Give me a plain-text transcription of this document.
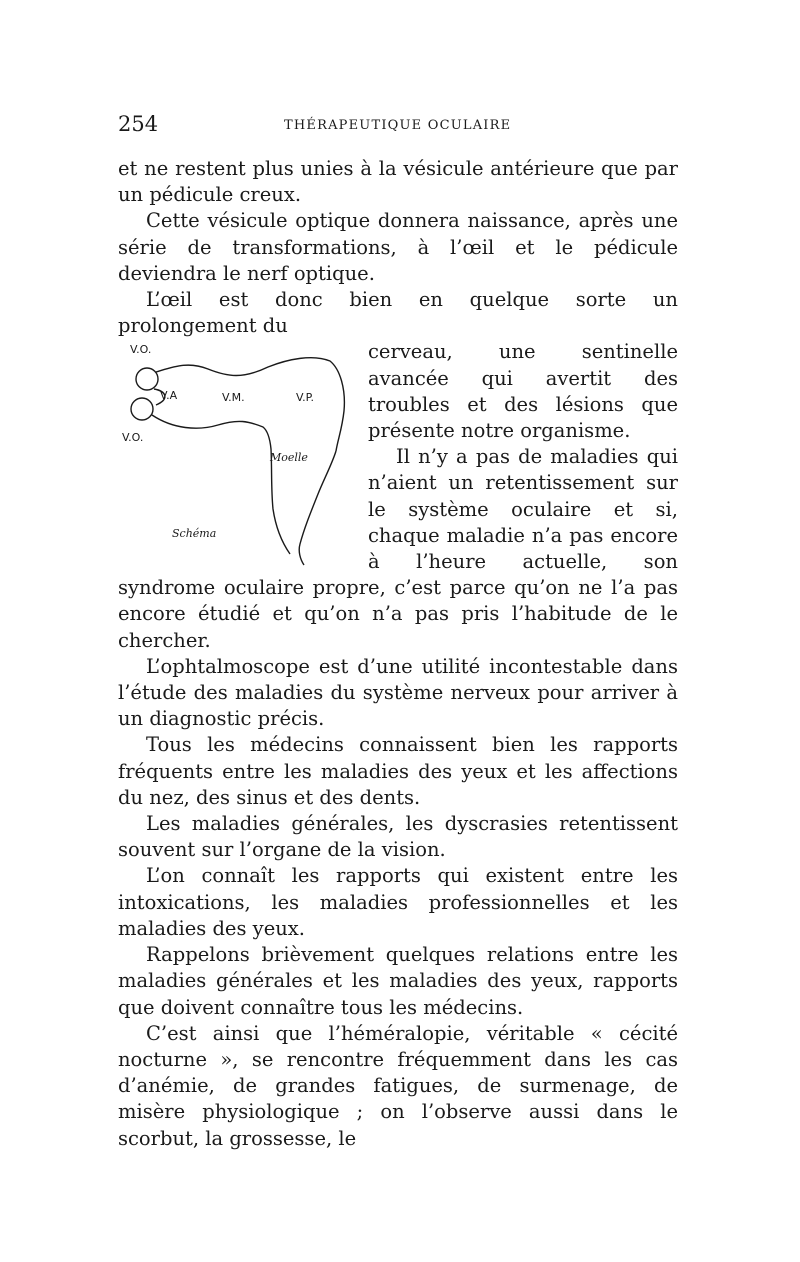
254	THÉRAPEUTIQUE OCULAIRE

et ne restent plus unies à la vésicule antérieure que par un pédicule creux.

Cette vésicule optique donnera naissance, après une série de transformations, à l’œil et le pédicule deviendra le nerf optique.

L’œil est donc bien en quelque sorte un prolongement du

V.O.
V.O.
V.A	V.M.	V.P.
Moelle
Schéma

cerveau, une sentinelle avancée qui avertit des troubles et des lésions que présente notre organisme.

Il n’y a pas de maladies qui n’aient un retentissement sur le système oculaire et si, chaque maladie n’a pas encore à l’heure actuelle, son syndrome oculaire propre, c’est parce qu’on ne l’a pas encore étudié et qu’on n’a pas pris l’habitude de le chercher.

L’ophtalmoscope est d’une utilité incontestable dans l’étude des maladies du système nerveux pour arriver à un diagnostic précis.

Tous les médecins connaissent bien les rapports fréquents entre les maladies des yeux et les affections du nez, des sinus et des dents.

Les maladies générales, les dyscrasies retentissent souvent sur l’organe de la vision.

L’on connaît les rapports qui existent entre les intoxications, les maladies professionnelles et les maladies des yeux.

Rappelons brièvement quelques relations entre les maladies générales et les maladies des yeux, rapports que doivent connaître tous les médecins.

C’est ainsi que l’héméralopie, véritable « cécité nocturne », se rencontre fréquemment dans les cas d’anémie, de grandes fatigues, de surmenage, de misère physiologique ; on l’observe aussi dans le scorbut, la grossesse, le
